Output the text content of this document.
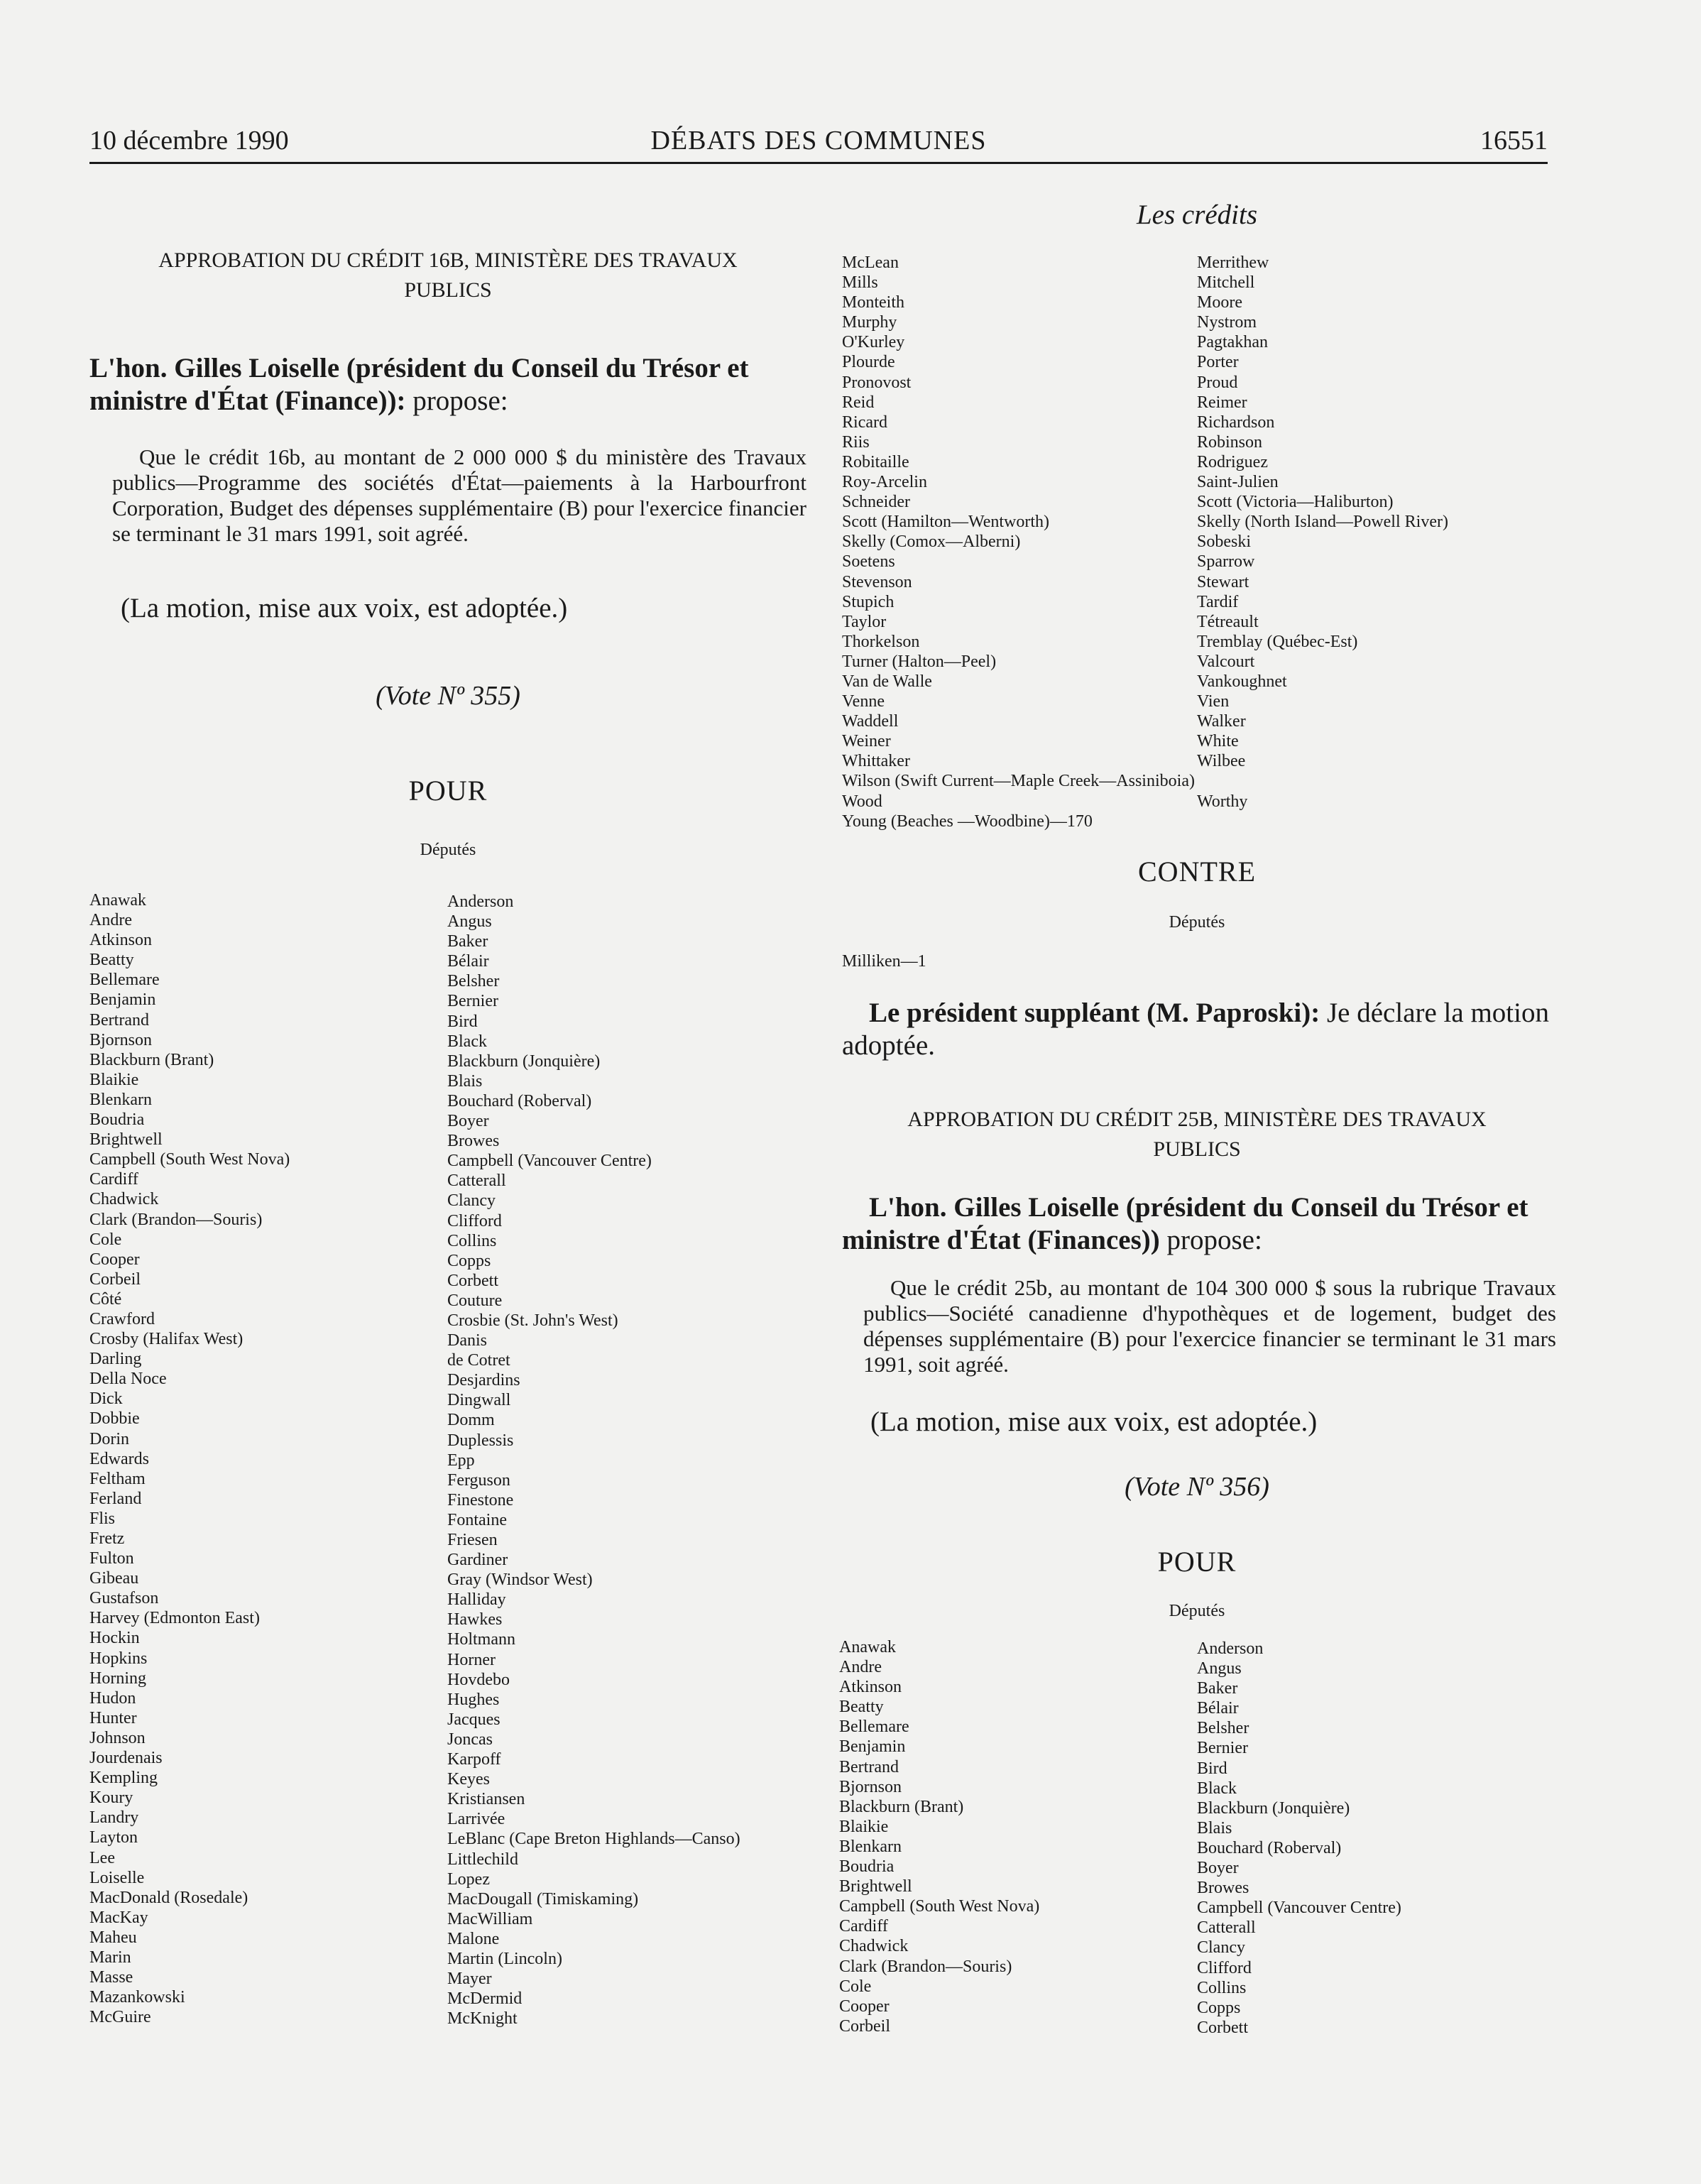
10 décembre 1990	DÉBATS DES COMMUNES	16551
APPROBATION DU CRÉDIT 16B, MINISTÈRE DES TRAVAUX
PUBLICS
L'hon. Gilles Loiselle (président du Conseil du Trésor et ministre d'État (Finance)): propose:
Que le crédit 16b, au montant de 2 000 000 $ du ministère des Travaux publics—Programme des sociétés d'État—paiements à la Harbourfront Corporation, Budget des dépenses supplémentaire (B) pour l'exercice financier se terminant le 31 mars 1991, soit agréé.
(La motion, mise aux voix, est adoptée.)
(Vote Nº 355)
POUR
Députés
Anawak
Andre
Atkinson
Beatty
Bellemare
Benjamin
Bertrand
Bjornson
Blackburn (Brant)
Blaikie
Blenkarn
Boudria
Brightwell
Campbell (South West Nova)
Cardiff
Chadwick
Clark (Brandon—Souris)
Cole
Cooper
Corbeil
Côté
Crawford
Crosby (Halifax West)
Darling
Della Noce
Dick
Dobbie
Dorin
Edwards
Feltham
Ferland
Flis
Fretz
Fulton
Gibeau
Gustafson
Harvey (Edmonton East)
Hockin
Hopkins
Horning
Hudon
Hunter
Johnson
Jourdenais
Kempling
Koury
Landry
Layton
Lee
Loiselle
MacDonald (Rosedale)
MacKay
Maheu
Marin
Masse
Mazankowski
McGuire
Anderson
Angus
Baker
Bélair
Belsher
Bernier
Bird
Black
Blackburn (Jonquière)
Blais
Bouchard (Roberval)
Boyer
Browes
Campbell (Vancouver Centre)
Catterall
Clancy
Clifford
Collins
Copps
Corbett
Couture
Crosbie (St. John's West)
Danis
de Cotret
Desjardins
Dingwall
Domm
Duplessis
Epp
Ferguson
Finestone
Fontaine
Friesen
Gardiner
Gray (Windsor West)
Halliday
Hawkes
Holtmann
Horner
Hovdebo
Hughes
Jacques
Joncas
Karpoff
Keyes
Kristiansen
Larrivée
LeBlanc (Cape Breton Highlands—Canso)
Littlechild
Lopez
MacDougall (Timiskaming)
MacWilliam
Malone
Martin (Lincoln)
Mayer
McDermid
McKnight
Les crédits
McLean
Mills
Monteith
Murphy
O'Kurley
Plourde
Pronovost
Reid
Ricard
Riis
Robitaille
Roy-Arcelin
Schneider
Scott (Hamilton—Wentworth)
Skelly (Comox—Alberni)
Soetens
Stevenson
Stupich
Taylor
Thorkelson
Turner (Halton—Peel)
Van de Walle
Venne
Waddell
Weiner
Whittaker
Wilson (Swift Current—Maple Creek—Assiniboia)
Wood
Young (Beaches —Woodbine)—170
Merrithew
Mitchell
Moore
Nystrom
Pagtakhan
Porter
Proud
Reimer
Richardson
Robinson
Rodriguez
Saint-Julien
Scott (Victoria—Haliburton)
Skelly (North Island—Powell River)
Sobeski
Sparrow
Stewart
Tardif
Tétreault
Tremblay (Québec-Est)
Valcourt
Vankoughnet
Vien
Walker
White
Wilbee

Worthy
CONTRE
Députés
Milliken—1
Le président suppléant (M. Paproski): Je déclare la motion adoptée.
APPROBATION DU CRÉDIT 25B, MINISTÈRE DES TRAVAUX
PUBLICS
L'hon. Gilles Loiselle (président du Conseil du Trésor et ministre d'État (Finances)) propose:
Que le crédit 25b, au montant de 104 300 000 $ sous la rubrique Travaux publics—Société canadienne d'hypothèques et de logement, budget des dépenses supplémentaire (B) pour l'exercice financier se terminant le 31 mars 1991, soit agréé.
(La motion, mise aux voix, est adoptée.)
(Vote Nº 356)
POUR
Députés
Anawak
Andre
Atkinson
Beatty
Bellemare
Benjamin
Bertrand
Bjornson
Blackburn (Brant)
Blaikie
Blenkarn
Boudria
Brightwell
Campbell (South West Nova)
Cardiff
Chadwick
Clark (Brandon—Souris)
Cole
Cooper
Corbeil
Anderson
Angus
Baker
Bélair
Belsher
Bernier
Bird
Black
Blackburn (Jonquière)
Blais
Bouchard (Roberval)
Boyer
Browes
Campbell (Vancouver Centre)
Catterall
Clancy
Clifford
Collins
Copps
Corbett
